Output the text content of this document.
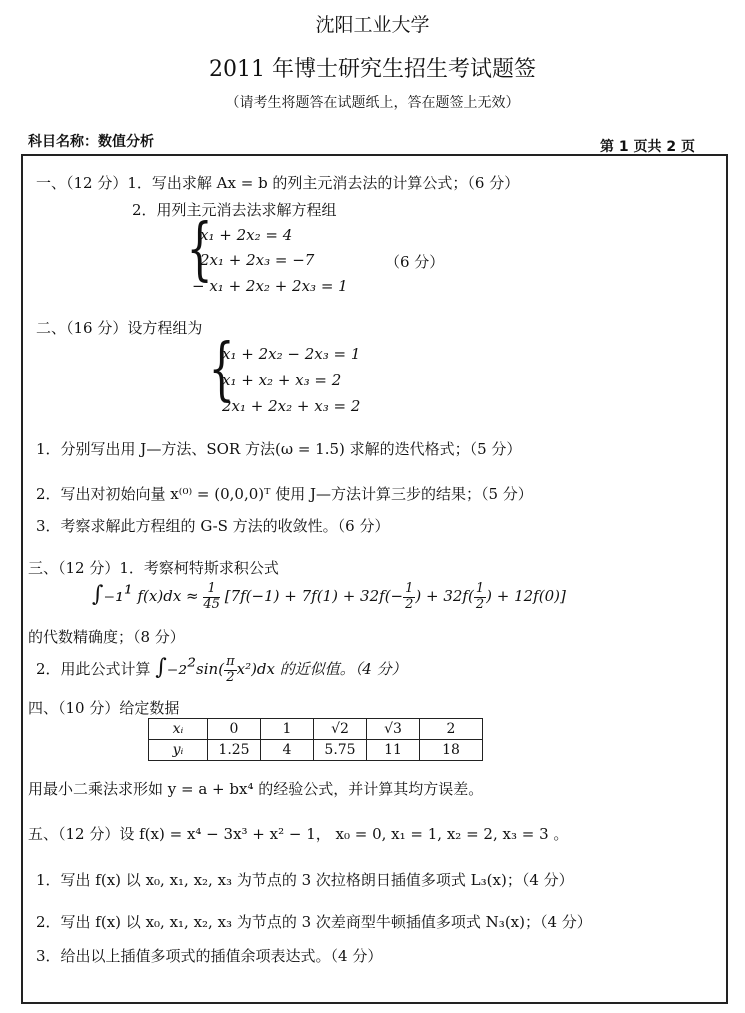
沈阳工业大学
2011 年博士研究生招生考试题签
（请考生将题答在试题纸上，答在题签上无效）
科目名称：数值分析	第 1 页共 2 页
一、（12 分）1．写出求解 Ax = b 的列主元消去法的计算公式；（6 分）
2．用列主元消去法求解方程组
{
x₁ + 2x₂ = 4
2x₁ + 2x₃ = −7
− x₁ + 2x₂ + 2x₃ = 1
（6 分）
二、（16 分）设方程组为
{
x₁ + 2x₂ − 2x₃ = 1
x₁ + x₂ + x₃ = 2
2x₁ + 2x₂ + x₃ = 2
1．分别写出用 J—方法、SOR 方法(ω = 1.5) 求解的迭代格式；（5 分）
2．写出对初始向量 x⁽⁰⁾ = (0,0,0)ᵀ 使用 J—方法计算三步的结果；（5 分）
3．考察求解此方程组的 G-S 方法的收敛性。（6 分）
三、（12 分）1．考察柯特斯求积公式
∫₋₁¹ $f(x)dx \approx \frac{1}{45} [7f(-1) + 7f(1) + 32f(- \frac{1}{2}$ ) + $32f( \frac{1}{2}$ ) + 12f(0)]
的代数精确度；（8 分）
2．用此公式计算 $\int_{-2}^2\sin( \frac{\pi}{2} x^2)dx$ 的近似值。（4 分）
四、（10 分）给定数据
xᵢ	0	1	√2	√3	2
yᵢ	1.25	4	5.75	11	18
用最小二乘法求形如 y = a + bx⁴ 的经验公式，并计算其均方误差。
五、（12 分）设 f(x) = x⁴ − 3x³ + x² − 1， x₀ = 0, x₁ = 1, x₂ = 2, x₃ = 3 。
1．写出 f(x) 以 x₀, x₁, x₂, x₃ 为节点的 3 次拉格朗日插值多项式 L₃(x)；（4 分）
2．写出 f(x) 以 x₀, x₁, x₂, x₃ 为节点的 3 次差商型牛顿插值多项式 N₃(x)；（4 分）
3．给出以上插值多项式的插值余项表达式。（4 分）
